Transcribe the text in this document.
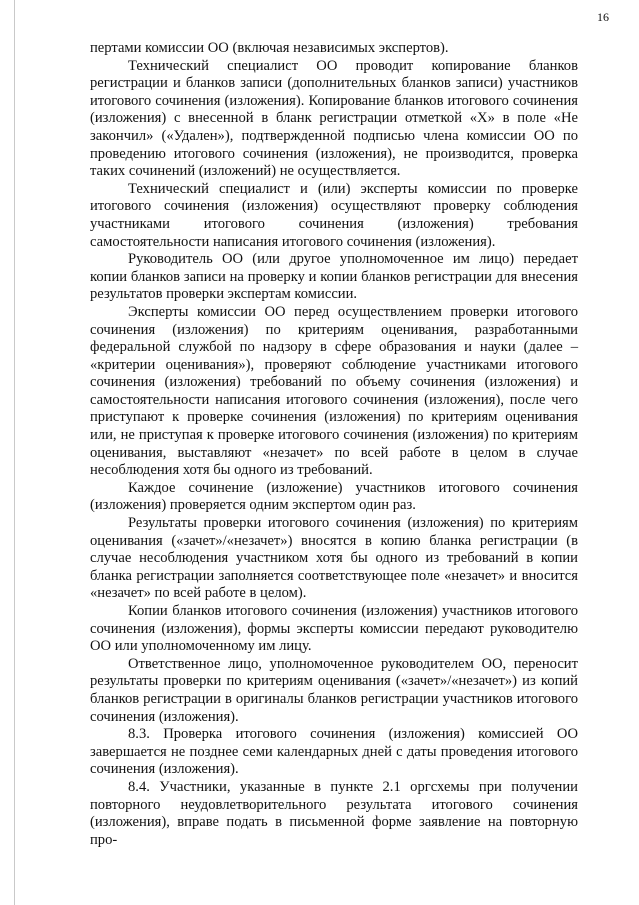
16

пертами комиссии ОО (включая независимых экспертов).

Технический специалист ОО проводит копирование бланков регистрации и бланков записи (дополнительных бланков записи) участников итогового сочинения (изложения). Копирование бланков итогового сочинения (изложения) с внесенной в бланк регистрации отметкой «Х» в поле «Не закончил» («Удален»), подтвержденной подписью члена комиссии ОО по проведению итогового сочинения (изложения), не производится, проверка таких сочинений (изложений) не осуществляется.

Технический специалист и (или) эксперты комиссии по проверке итогового сочинения (изложения) осуществляют проверку соблюдения участниками итогового сочинения (изложения) требования самостоятельности написания итогового сочинения (изложения).

Руководитель ОО (или другое уполномоченное им лицо) передает копии бланков записи на проверку и копии бланков регистрации для внесения результатов проверки экспертам комиссии.

Эксперты комиссии ОО перед осуществлением проверки итогового сочинения (изложения) по критериям оценивания, разработанными федеральной службой по надзору в сфере образования и науки (далее – «критерии оценивания»), проверяют соблюдение участниками итогового сочинения (изложения) требований по объему сочинения (изложения) и самостоятельности написания итогового сочинения (изложения), после чего приступают к проверке сочинения (изложения) по критериям оценивания или, не приступая к проверке итогового сочинения (изложения) по критериям оценивания, выставляют «незачет» по всей работе в целом в случае несоблюдения хотя бы одного из требований.

Каждое сочинение (изложение) участников итогового сочинения (изложения) проверяется одним экспертом один раз.

Результаты проверки итогового сочинения (изложения) по критериям оценивания («зачет»/«незачет») вносятся в копию бланка регистрации (в случае несоблюдения участником хотя бы одного из требований в копии бланка регистрации заполняется соответствующее поле «незачет» и вносится «незачет» по всей работе в целом).

Копии бланков итогового сочинения (изложения) участников итогового сочинения (изложения), формы эксперты комиссии передают руководителю ОО или уполномоченному им лицу.

Ответственное лицо, уполномоченное руководителем ОО, переносит результаты проверки по критериям оценивания («зачет»/«незачет») из копий бланков регистрации в оригиналы бланков регистрации участников итогового сочинения (изложения).

8.3. Проверка итогового сочинения (изложения) комиссией ОО завершается не позднее семи календарных дней с даты проведения итогового сочинения (изложения).

8.4. Участники, указанные в пункте 2.1 оргсхемы при получении повторного неудовлетворительного результата итогового сочинения (изложения), вправе подать в письменной форме заявление на повторную про-
